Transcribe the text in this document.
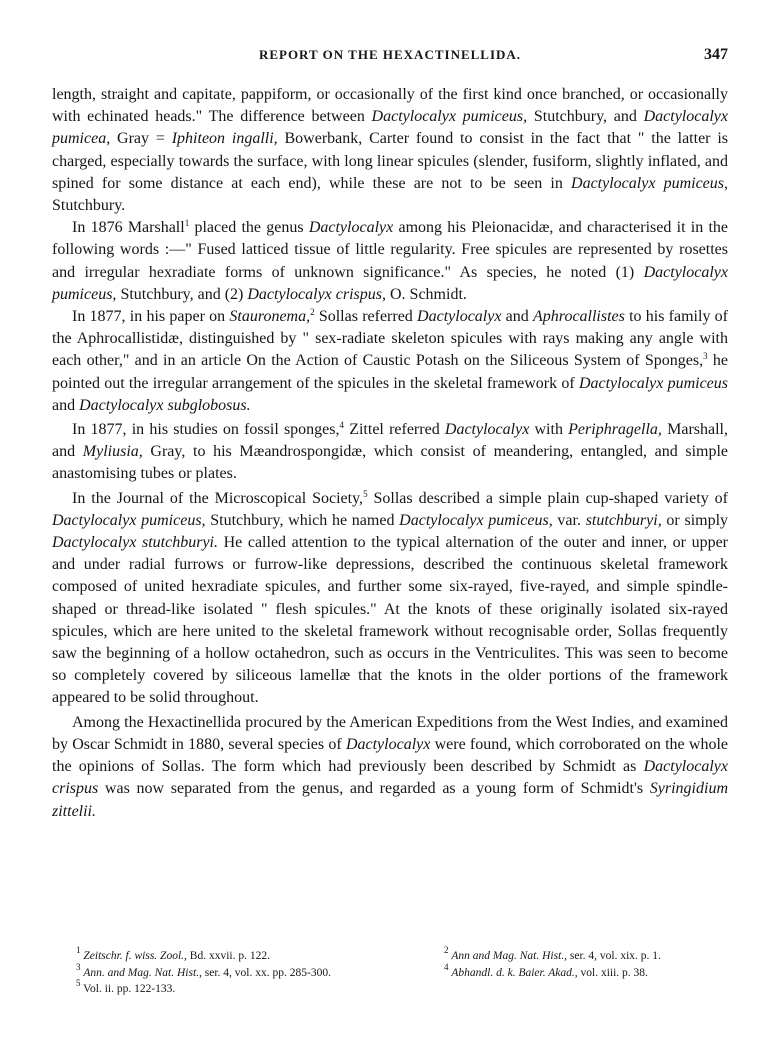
REPORT ON THE HEXACTINELLIDA.	347

length, straight and capitate, pappiform, or occasionally of the first kind once branched, or occasionally with echinated heads." The difference between Dactylocalyx pumiceus, Stutchbury, and Dactylocalyx pumicea, Gray = Iphiteon ingalli, Bowerbank, Carter found to consist in the fact that " the latter is charged, especially towards the surface, with long linear spicules (slender, fusiform, slightly inflated, and spined for some distance at each end), while these are not to be seen in Dactylocalyx pumiceus, Stutchbury.

In 1876 Marshall$^1$ placed the genus Dactylocalyx among his Pleionacidæ, and characterised it in the following words :—" Fused latticed tissue of little regularity. Free spicules are represented by rosettes and irregular hexradiate forms of unknown significance." As species, he noted (1) Dactylocalyx pumiceus, Stutchbury, and (2) Dactylocalyx crispus, O. Schmidt.

In 1877, in his paper on Stauronema,$^2$ Sollas referred Dactylocalyx and Aphrocallistes to his family of the Aphrocallistidæ, distinguished by " sex-radiate skeleton spicules with rays making any angle with each other," and in an article On the Action of Caustic Potash on the Siliceous System of Sponges,$^3$ he pointed out the irregular arrangement of the spicules in the skeletal framework of Dactylocalyx pumiceus and Dactylocalyx subglobosus.

In 1877, in his studies on fossil sponges,$^4$ Zittel referred Dactylocalyx with Periphragella, Marshall, and Myliusia, Gray, to his Mæandrospongidæ, which consist of meandering, entangled, and simple anastomising tubes or plates.

In the Journal of the Microscopical Society,$^5$ Sollas described a simple plain cup-shaped variety of Dactylocalyx pumiceus, Stutchbury, which he named Dactylocalyx pumiceus, var. stutchburyi, or simply Dactylocalyx stutchburyi. He called attention to the typical alternation of the outer and inner, or upper and under radial furrows or furrow-like depressions, described the continuous skeletal framework composed of united hexradiate spicules, and further some six-rayed, five-rayed, and simple spindle-shaped or thread-like isolated " flesh spicules." At the knots of these originally isolated six-rayed spicules, which are here united to the skeletal framework without recognisable order, Sollas frequently saw the beginning of a hollow octahedron, such as occurs in the Ventriculites. This was seen to become so completely covered by siliceous lamellæ that the knots in the older portions of the framework appeared to be solid throughout.

Among the Hexactinellida procured by the American Expeditions from the West Indies, and examined by Oscar Schmidt in 1880, several species of Dactylocalyx were found, which corroborated on the whole the opinions of Sollas. The form which had previously been described by Schmidt as Dactylocalyx crispus was now separated from the genus, and regarded as a young form of Schmidt's Syringidium zittelii.

$^1$ Zeitschr. f. wiss. Zool., Bd. xxvii. p. 122.	$^2$ Ann and Mag. Nat. Hist., ser. 4, vol. xix. p. 1.
$^3$ Ann. and Mag. Nat. Hist., ser. 4, vol. xx. pp. 285-300.	$^4$ Abhandl. d. k. Baier. Akad., vol. xiii. p. 38.
$^5$ Vol. ii. pp. 122-133.
